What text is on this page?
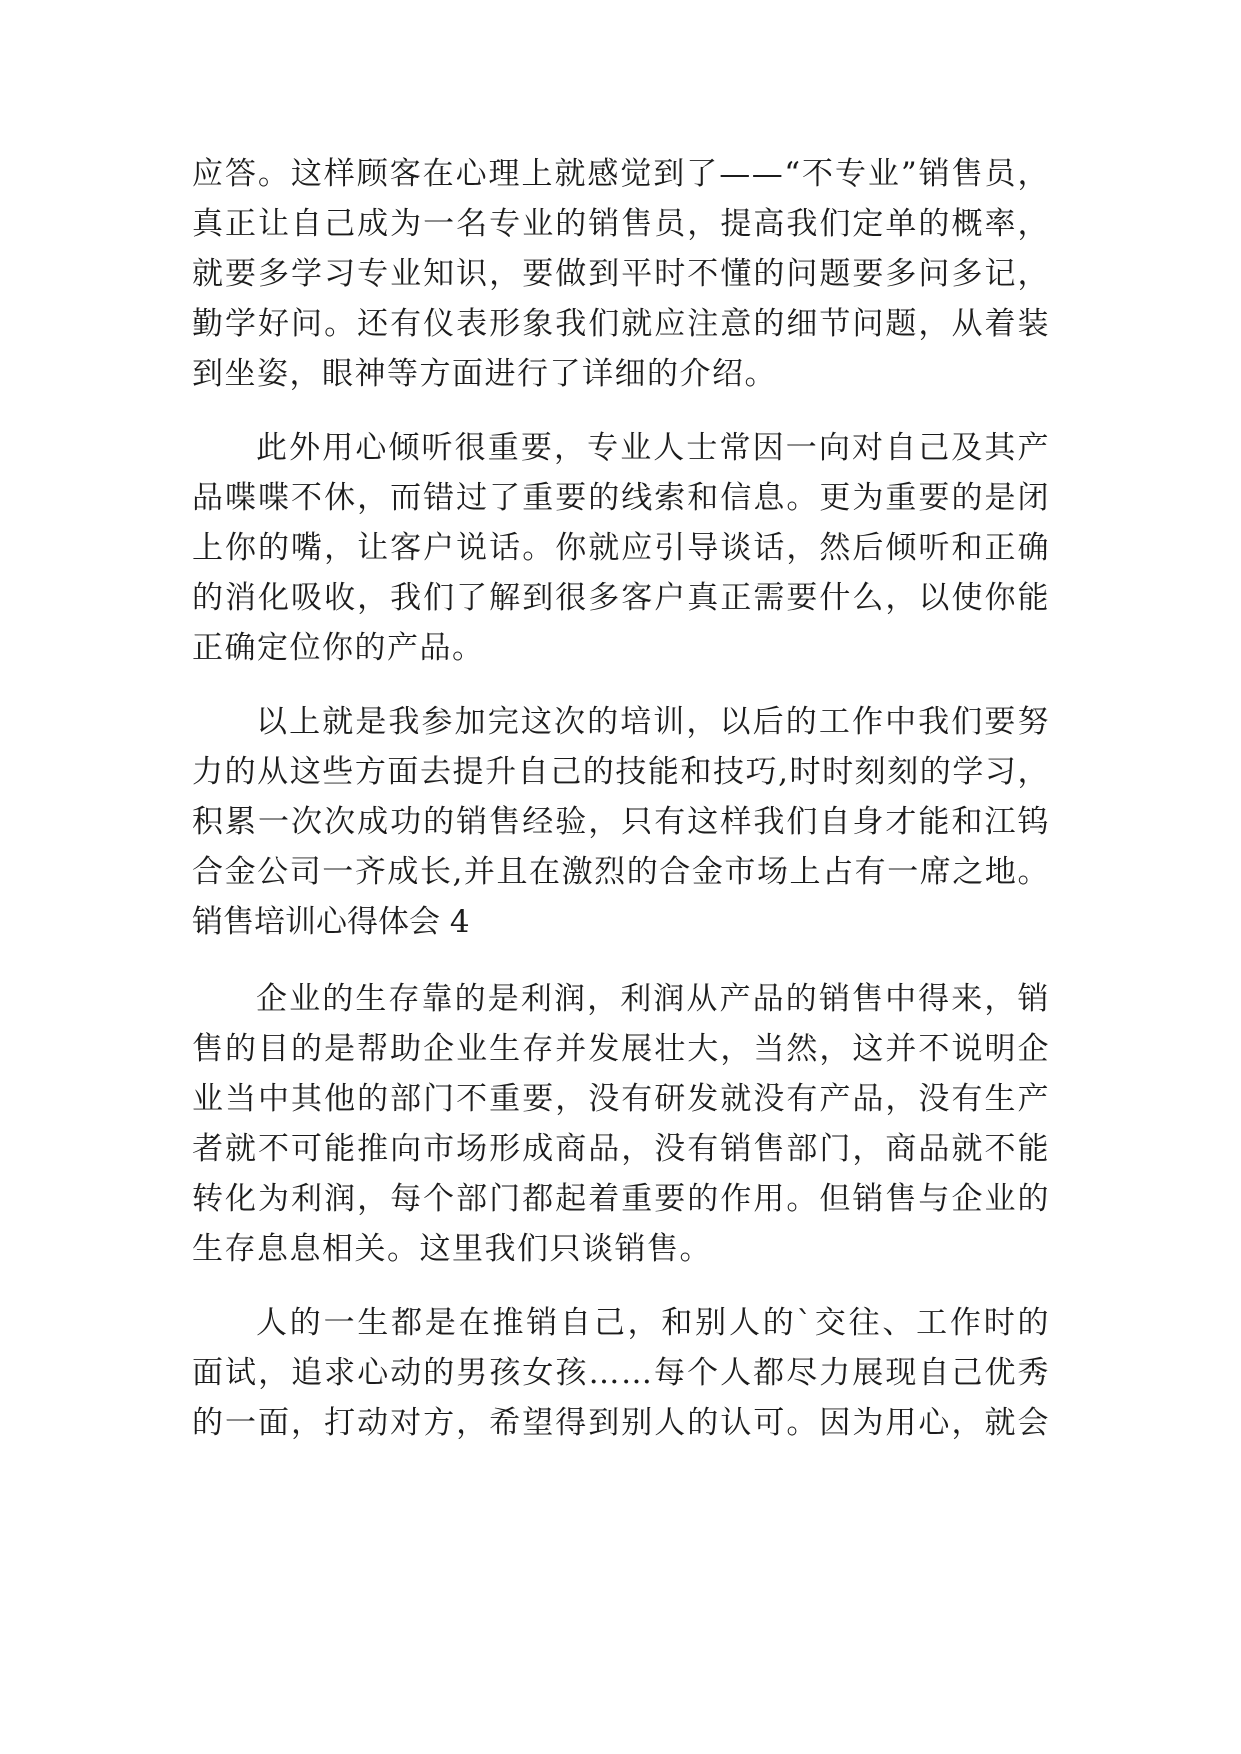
应答。这样顾客在心理上就感觉到了——“不专业”销售员，
真正让自己成为一名专业的销售员，提高我们定单的概率，
就要多学习专业知识，要做到平时不懂的问题要多问多记，
勤学好问。还有仪表形象我们就应注意的细节问题，从着装
到坐姿，眼神等方面进行了详细的介绍。
此外用心倾听很重要，专业人士常因一向对自己及其产
品喋喋不休，而错过了重要的线索和信息。更为重要的是闭
上你的嘴，让客户说话。你就应引导谈话，然后倾听和正确
的消化吸收，我们了解到很多客户真正需要什么，以使你能
正确定位你的产品。
以上就是我参加完这次的培训，以后的工作中我们要努
力的从这些方面去提升自己的技能和技巧,时时刻刻的学习，
积累一次次成功的销售经验，只有这样我们自身才能和江钨
合金公司一齐成长,并且在激烈的合金市场上占有一席之地。
销售培训心得体会 4
企业的生存靠的是利润，利润从产品的销售中得来，销
售的目的是帮助企业生存并发展壮大，当然，这并不说明企
业当中其他的部门不重要，没有研发就没有产品，没有生产
者就不可能推向市场形成商品，没有销售部门，商品就不能
转化为利润，每个部门都起着重要的作用。但销售与企业的
生存息息相关。这里我们只谈销售。
人的一生都是在推销自己，和别人的`交往、工作时的
面试，追求心动的男孩女孩……每个人都尽力展现自己优秀
的一面，打动对方，希望得到别人的认可。因为用心，就会
